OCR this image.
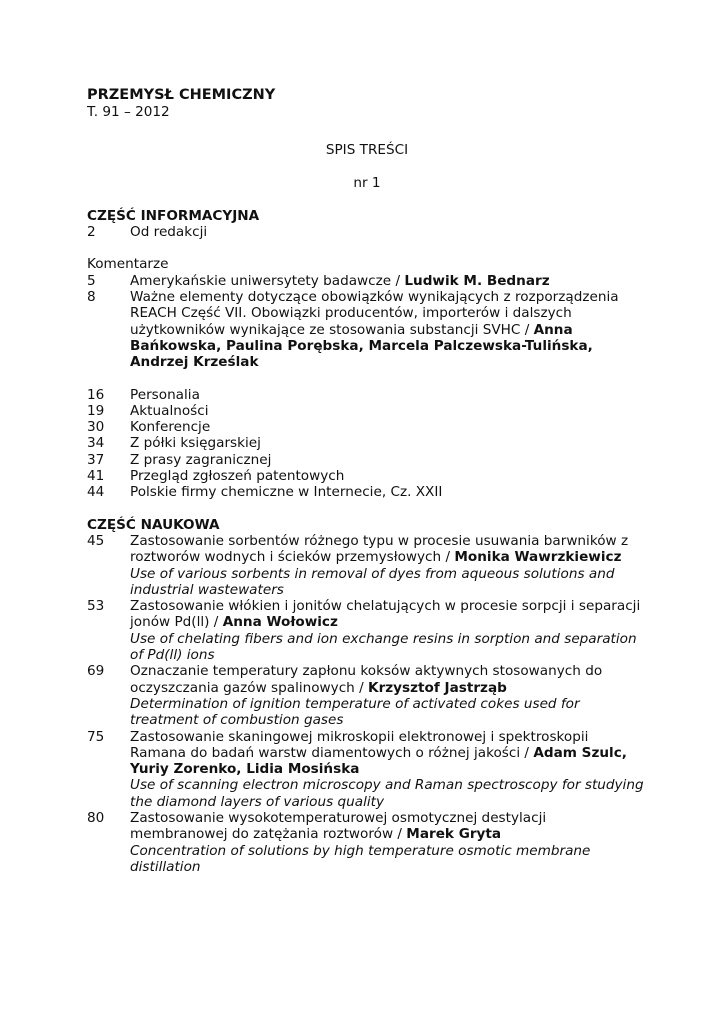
PRZEMYSŁ CHEMICZNY

T. 91 – 2012

SPIS TREŚCI

nr 1

CZĘŚĆ INFORMACYJNA

2	Od redakcji

Komentarze

5	Amerykańskie uniwersytety badawcze / Ludwik M. Bednarz
8	Ważne elementy dotyczące obowiązków wynikających z rozporządzenia REACH Część VII. Obowiązki producentów, importerów i dalszych użytkowników wynikające ze stosowania substancji SVHC / Anna Bańkowska, Paulina Porębska, Marcela Palczewska-Tulińska, Andrzej Krześlak
16	Personalia
19	Aktualności
30	Konferencje
34	Z półki księgarskiej
37	Z prasy zagranicznej
41	Przegląd zgłoszeń patentowych
44	Polskie firmy chemiczne w Internecie, Cz. XXII

CZĘŚĆ NAUKOWA

45	Zastosowanie sorbentów różnego typu w procesie usuwania barwników z roztworów wodnych i ścieków przemysłowych / Monika Wawrzkiewicz
Use of various sorbents in removal of dyes from aqueous solutions and industrial wastewaters
53	Zastosowanie włókien i jonitów chelatujących w procesie sorpcji i separacji jonów Pd(ll) / Anna Wołowicz
Use of chelating fibers and ion exchange resins in sorption and separation of Pd(ll) ions
69	Oznaczanie temperatury zapłonu koksów aktywnych stosowanych do oczyszczania gazów spalinowych / Krzysztof Jastrząb
Determination of ignition temperature of activated cokes used for treatment of combustion gases
75	Zastosowanie skaningowej mikroskopii elektronowej i spektroskopii Ramana do badań warstw diamentowych o różnej jakości / Adam Szulc, Yuriy Zorenko, Lidia Mosińska
Use of scanning electron microscopy and Raman spectroscopy for studying the diamond layers of various quality
80	Zastosowanie wysokotemperaturowej osmotycznej destylacji membranowej do zatężania roztworów / Marek Gryta
Concentration of solutions by high temperature osmotic membrane distillation
